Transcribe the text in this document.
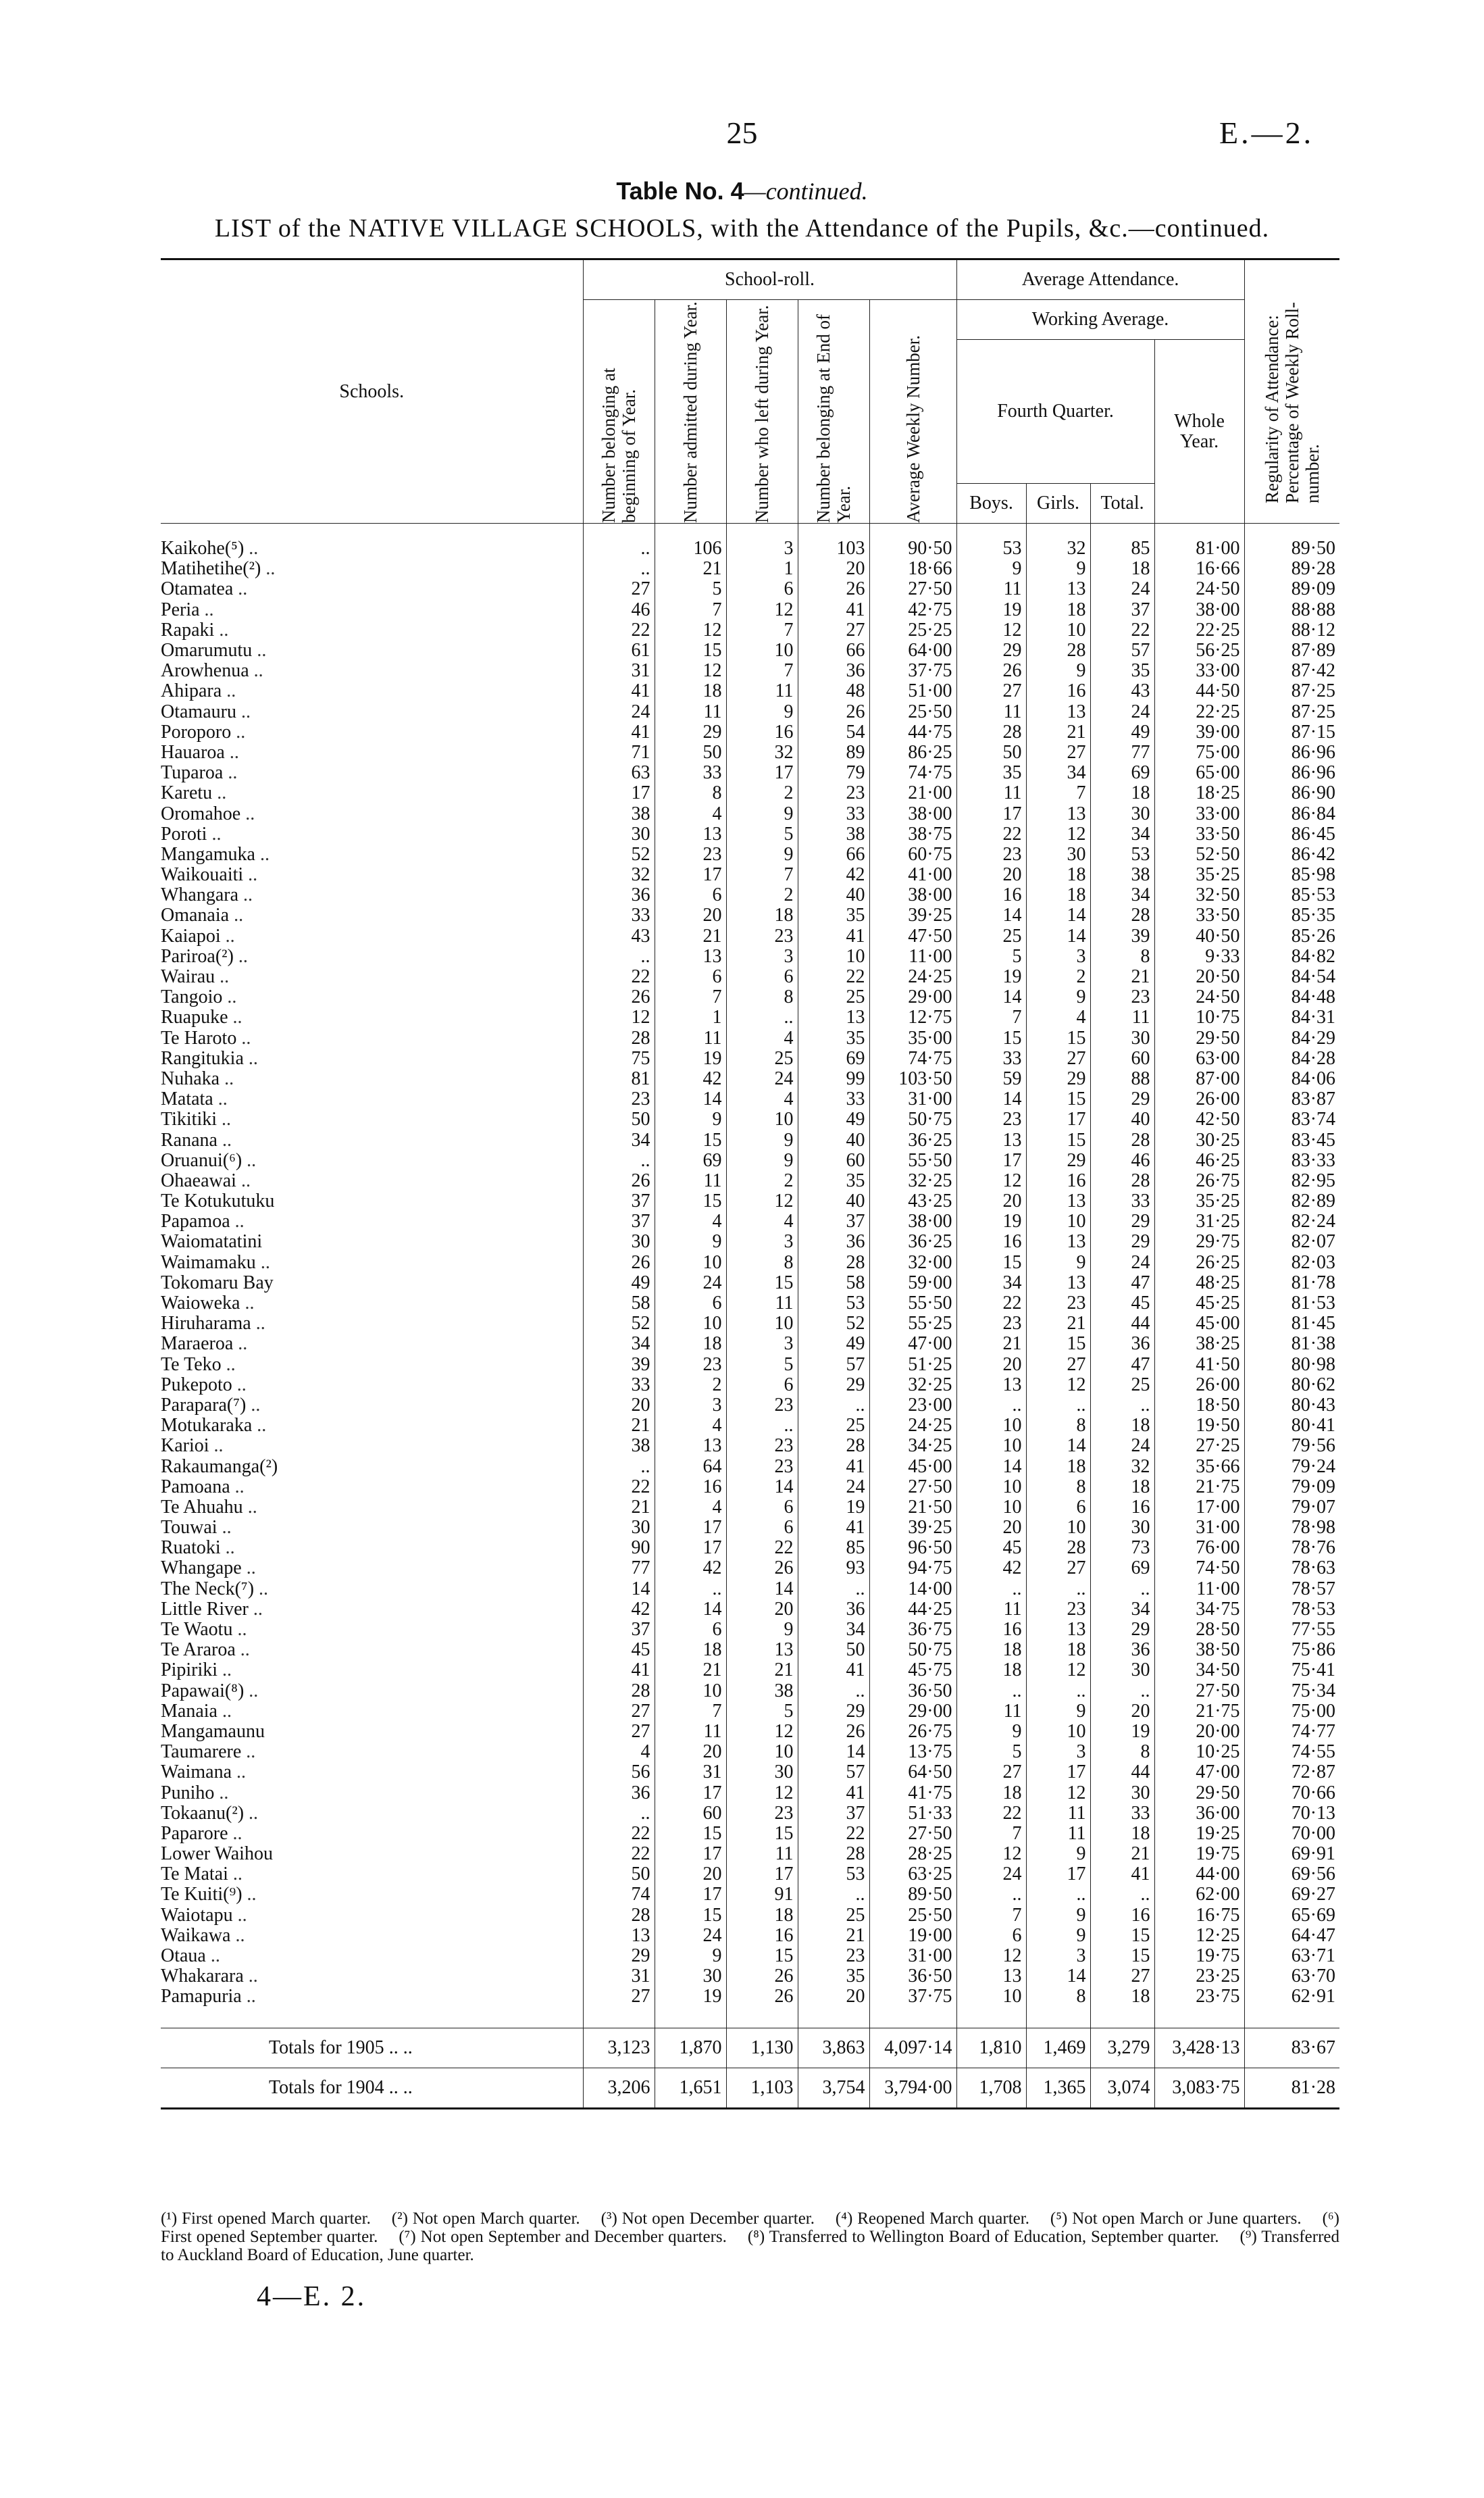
25	E.—2.
Table No. 4—continued.
LIST of the NATIVE VILLAGE SCHOOLS, with the Attendance of the Pupils, &c.—continued.
Schools.	School-roll.					Average Attendance.				Regularity of Attendance: Percentage of Weekly Roll-number.

	Number belonging at beginning of Year.	Number admitted during Year.	Number who left during Year.	Number belonging at End of Year.	Average Weekly Number.	Working Average.				

						Fourth Quarter.			Whole Year.	

						Boys.	Girls.	Total.		

Kaikohe(⁵) ..	..	106	3	103	90·50	53	32	85	81·00	89·50
Matihetihe(²) ..	..	21	1	20	18·66	9	9	18	16·66	89·28
Otamatea ..	27	5	6	26	27·50	11	13	24	24·50	89·09
Peria ..	46	7	12	41	42·75	19	18	37	38·00	88·88
Rapaki ..	22	12	7	27	25·25	12	10	22	22·25	88·12
Omarumutu ..	61	15	10	66	64·00	29	28	57	56·25	87·89
Arowhenua ..	31	12	7	36	37·75	26	9	35	33·00	87·42
Ahipara ..	41	18	11	48	51·00	27	16	43	44·50	87·25
Otamauru ..	24	11	9	26	25·50	11	13	24	22·25	87·25
Poroporo ..	41	29	16	54	44·75	28	21	49	39·00	87·15
Hauaroa ..	71	50	32	89	86·25	50	27	77	75·00	86·96
Tuparoa ..	63	33	17	79	74·75	35	34	69	65·00	86·96
Karetu ..	17	8	2	23	21·00	11	7	18	18·25	86·90
Oromahoe ..	38	4	9	33	38·00	17	13	30	33·00	86·84
Poroti ..	30	13	5	38	38·75	22	12	34	33·50	86·45
Mangamuka ..	52	23	9	66	60·75	23	30	53	52·50	86·42
Waikouaiti ..	32	17	7	42	41·00	20	18	38	35·25	85·98
Whangara ..	36	6	2	40	38·00	16	18	34	32·50	85·53
Omanaia ..	33	20	18	35	39·25	14	14	28	33·50	85·35
Kaiapoi ..	43	21	23	41	47·50	25	14	39	40·50	85·26
Pariroa(²) ..	..	13	3	10	11·00	5	3	8	9·33	84·82
Wairau ..	22	6	6	22	24·25	19	2	21	20·50	84·54
Tangoio ..	26	7	8	25	29·00	14	9	23	24·50	84·48
Ruapuke ..	12	1	..	13	12·75	7	4	11	10·75	84·31
Te Haroto ..	28	11	4	35	35·00	15	15	30	29·50	84·29
Rangitukia ..	75	19	25	69	74·75	33	27	60	63·00	84·28
Nuhaka ..	81	42	24	99	103·50	59	29	88	87·00	84·06
Matata ..	23	14	4	33	31·00	14	15	29	26·00	83·87
Tikitiki ..	50	9	10	49	50·75	23	17	40	42·50	83·74
Ranana ..	34	15	9	40	36·25	13	15	28	30·25	83·45
Oruanui(⁶) ..	..	69	9	60	55·50	17	29	46	46·25	83·33
Ohaeawai ..	26	11	2	35	32·25	12	16	28	26·75	82·95
Te Kotukutuku	37	15	12	40	43·25	20	13	33	35·25	82·89
Papamoa ..	37	4	4	37	38·00	19	10	29	31·25	82·24
Waiomatatini	30	9	3	36	36·25	16	13	29	29·75	82·07
Waimamaku ..	26	10	8	28	32·00	15	9	24	26·25	82·03
Tokomaru Bay	49	24	15	58	59·00	34	13	47	48·25	81·78
Waioweka ..	58	6	11	53	55·50	22	23	45	45·25	81·53
Hiruharama ..	52	10	10	52	55·25	23	21	44	45·00	81·45
Maraeroa ..	34	18	3	49	47·00	21	15	36	38·25	81·38
Te Teko ..	39	23	5	57	51·25	20	27	47	41·50	80·98
Pukepoto ..	33	2	6	29	32·25	13	12	25	26·00	80·62
Parapara(⁷) ..	20	3	23	..	23·00	..	..	..	18·50	80·43
Motukaraka ..	21	4	..	25	24·25	10	8	18	19·50	80·41
Karioi ..	38	13	23	28	34·25	10	14	24	27·25	79·56
Rakaumanga(²)	..	64	23	41	45·00	14	18	32	35·66	79·24
Pamoana ..	22	16	14	24	27·50	10	8	18	21·75	79·09
Te Ahuahu ..	21	4	6	19	21·50	10	6	16	17·00	79·07
Touwai ..	30	17	6	41	39·25	20	10	30	31·00	78·98
Ruatoki ..	90	17	22	85	96·50	45	28	73	76·00	78·76
Whangape ..	77	42	26	93	94·75	42	27	69	74·50	78·63
The Neck(⁷) ..	14	..	14	..	14·00	..	..	..	11·00	78·57
Little River ..	42	14	20	36	44·25	11	23	34	34·75	78·53
Te Waotu ..	37	6	9	34	36·75	16	13	29	28·50	77·55
Te Araroa ..	45	18	13	50	50·75	18	18	36	38·50	75·86
Pipiriki ..	41	21	21	41	45·75	18	12	30	34·50	75·41
Papawai(⁸) ..	28	10	38	..	36·50	..	..	..	27·50	75·34
Manaia ..	27	7	5	29	29·00	11	9	20	21·75	75·00
Mangamaunu	27	11	12	26	26·75	9	10	19	20·00	74·77
Taumarere ..	4	20	10	14	13·75	5	3	8	10·25	74·55
Waimana ..	56	31	30	57	64·50	27	17	44	47·00	72·87
Puniho ..	36	17	12	41	41·75	18	12	30	29·50	70·66
Tokaanu(²) ..	..	60	23	37	51·33	22	11	33	36·00	70·13
Paparore ..	22	15	15	22	27·50	7	11	18	19·25	70·00
Lower Waihou	22	17	11	28	28·25	12	9	21	19·75	69·91
Te Matai ..	50	20	17	53	63·25	24	17	41	44·00	69·56
Te Kuiti(⁹) ..	74	17	91	..	89·50	..	..	..	62·00	69·27
Waiotapu ..	28	15	18	25	25·50	7	9	16	16·75	65·69
Waikawa ..	13	24	16	21	19·00	6	9	15	12·25	64·47
Otaua ..	29	9	15	23	31·00	12	3	15	19·75	63·71
Whakarara ..	31	30	26	35	36·50	13	14	27	23·25	63·70
Pamapuria ..	27	19	26	20	37·75	10	8	18	23·75	62·91

Totals for 1905 .. ..	3,123	1,870	1,130	3,863	4,097·14	1,810	1,469	3,279	3,428·13	83·67
Totals for 1904 .. ..	3,206	1,651	1,103	3,754	3,794·00	1,708	1,365	3,074	3,083·75	81·28
(¹) First opened March quarter. (²) Not open March quarter. (³) Not open December quarter. (⁴) Reopened March quarter. (⁵) Not open March or June quarters. (⁶) First opened September quarter. (⁷) Not open September and December quarters. (⁸) Transferred to Wellington Board of Education, September quarter. (⁹) Transferred to Auckland Board of Education, June quarter.
4—E. 2.
